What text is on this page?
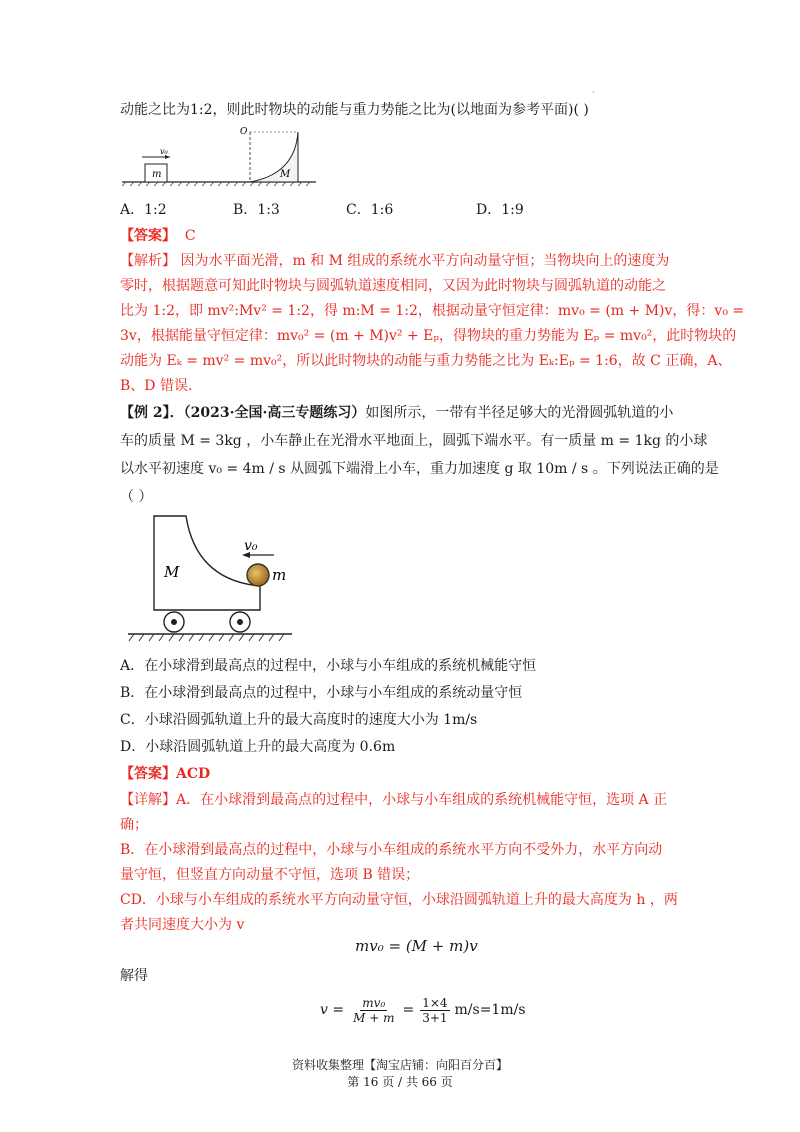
·
动能之比为1:2，则此时物块的动能与重力势能之比为(以地面为参考平面)( )
v₀
m
O
M
A．1:2	B．1:3	C．1:6	D．1:9
【答案】 C
【解析】 因为水平面光滑，m 和 M 组成的系统水平方向动量守恒；当物块向上的速度为
零时，根据题意可知此时物块与圆弧轨道速度相同，又因为此时物块与圆弧轨道的动能之
比为 1:2，即 mv²:Mv² = 1:2，得 m:M = 1:2，根据动量守恒定律：mv₀ = (m + M)v，得：v₀ =
3v，根据能量守恒定律：mv₀² = (m + M)v² + Eₚ，得物块的重力势能为 Eₚ = mv₀²，此时物块的
动能为 Eₖ = mv² = mv₀²，所以此时物块的动能与重力势能之比为 Eₖ:Eₚ = 1:6，故 C 正确，A、
B、D 错误.
【例 2】．（2023·全国·高三专题练习）如图所示，一带有半径足够大的光滑圆弧轨道的小
车的质量 M = 3kg ，小车静止在光滑水平地面上，圆弧下端水平。有一质量 m = 1kg 的小球
以水平初速度 v₀ = 4m / s 从圆弧下端滑上小车，重力加速度 g 取 10m / s 。下列说法正确的是
（ ）
v₀
M	m
A．在小球滑到最高点的过程中，小球与小车组成的系统机械能守恒
B．在小球滑到最高点的过程中，小球与小车组成的系统动量守恒
C．小球沿圆弧轨道上升的最大高度时的速度大小为 1m/s
D．小球沿圆弧轨道上升的最大高度为 0.6m
【答案】ACD
【详解】A．在小球滑到最高点的过程中，小球与小车组成的系统机械能守恒，选项 A 正
确；
B．在小球滑到最高点的过程中，小球与小车组成的系统水平方向不受外力，水平方向动
量守恒，但竖直方向动量不守恒，选项 B 错误；
CD．小球与小车组成的系统水平方向动量守恒，小球沿圆弧轨道上升的最大高度为 h ，两
者共同速度大小为 v
mv₀ = (M + m)v
解得
$v = \frac{\text{mv₀}}{M + m} = \frac{1\times 4}{3+1} m/s=1m/s$
资料收集整理【淘宝店铺：向阳百分百】
第 16 页 / 共 66 页
